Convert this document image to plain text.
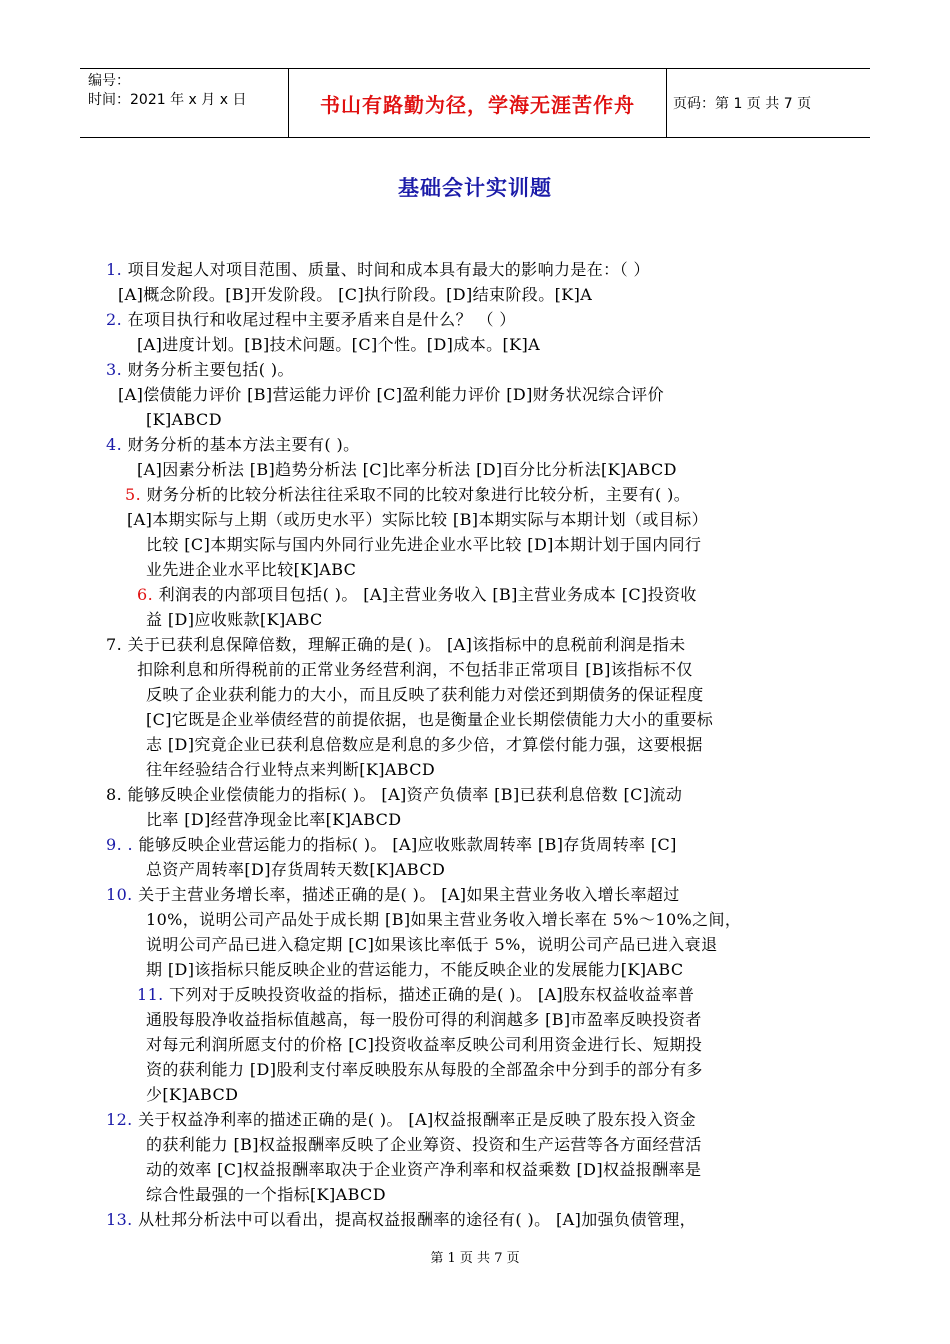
编号：
时间：2021 年 x 月 x 日	书山有路勤为径，学海无涯苦作舟	页码：第 1 页 共 7 页
基础会计实训题
1. 项目发起人对项目范围、质量、时间和成本具有最大的影响力是在：（ ）
[A]概念阶段。[B]开发阶段。 [C]执行阶段。[D]结束阶段。[K]A
2. 在项目执行和收尾过程中主要矛盾来自是什么？ （ ）
[A]进度计划。[B]技术问题。[C]个性。[D]成本。[K]A
3. 财务分析主要包括( )。
[A]偿债能力评价 [B]营运能力评价 [C]盈利能力评价 [D]财务状况综合评价
[K]ABCD
4. 财务分析的基本方法主要有( )。
[A]因素分析法 [B]趋势分析法 [C]比率分析法 [D]百分比分析法[K]ABCD
5. 财务分析的比较分析法往往采取不同的比较对象进行比较分析，主要有( )。
[A]本期实际与上期（或历史水平）实际比较 [B]本期实际与本期计划（或目标）
比较 [C]本期实际与国内外同行业先进企业水平比较 [D]本期计划于国内同行
业先进企业水平比较[K]ABC
6. 利润表的内部项目包括( )。 [A]主营业务收入 [B]主营业务成本 [C]投资收
益 [D]应收账款[K]ABC
7. 关于已获利息保障倍数，理解正确的是( )。 [A]该指标中的息税前利润是指未
扣除利息和所得税前的正常业务经营利润，不包括非正常项目 [B]该指标不仅
反映了企业获利能力的大小，而且反映了获利能力对偿还到期债务的保证程度
[C]它既是企业举债经营的前提依据，也是衡量企业长期偿债能力大小的重要标
志 [D]究竟企业已获利息倍数应是利息的多少倍，才算偿付能力强，这要根据
往年经验结合行业特点来判断[K]ABCD
8. 能够反映企业偿债能力的指标( )。 [A]资产负债率 [B]已获利息倍数 [C]流动
比率 [D]经营净现金比率[K]ABCD
9. . 能够反映企业营运能力的指标( )。 [A]应收账款周转率 [B]存货周转率 [C]
总资产周转率[D]存货周转天数[K]ABCD
10. 关于主营业务增长率，描述正确的是( )。 [A]如果主营业务收入增长率超过
10%，说明公司产品处于成长期 [B]如果主营业务收入增长率在 5%～10%之间，
说明公司产品已进入稳定期 [C]如果该比率低于 5%，说明公司产品已进入衰退
期 [D]该指标只能反映企业的营运能力，不能反映企业的发展能力[K]ABC
11. 下列对于反映投资收益的指标，描述正确的是( )。 [A]股东权益收益率普
通股每股净收益指标值越高，每一股份可得的利润越多 [B]市盈率反映投资者
对每元利润所愿支付的价格 [C]投资收益率反映公司利用资金进行长、短期投
资的获利能力 [D]股利支付率反映股东从每股的全部盈余中分到手的部分有多
少[K]ABCD
12. 关于权益净利率的描述正确的是( )。 [A]权益报酬率正是反映了股东投入资金
的获利能力 [B]权益报酬率反映了企业筹资、投资和生产运营等各方面经营活
动的效率 [C]权益报酬率取决于企业资产净利率和权益乘数 [D]权益报酬率是
综合性最强的一个指标[K]ABCD
13. 从杜邦分析法中可以看出，提高权益报酬率的途径有( )。 [A]加强负债管理，
第 1 页 共 7 页
